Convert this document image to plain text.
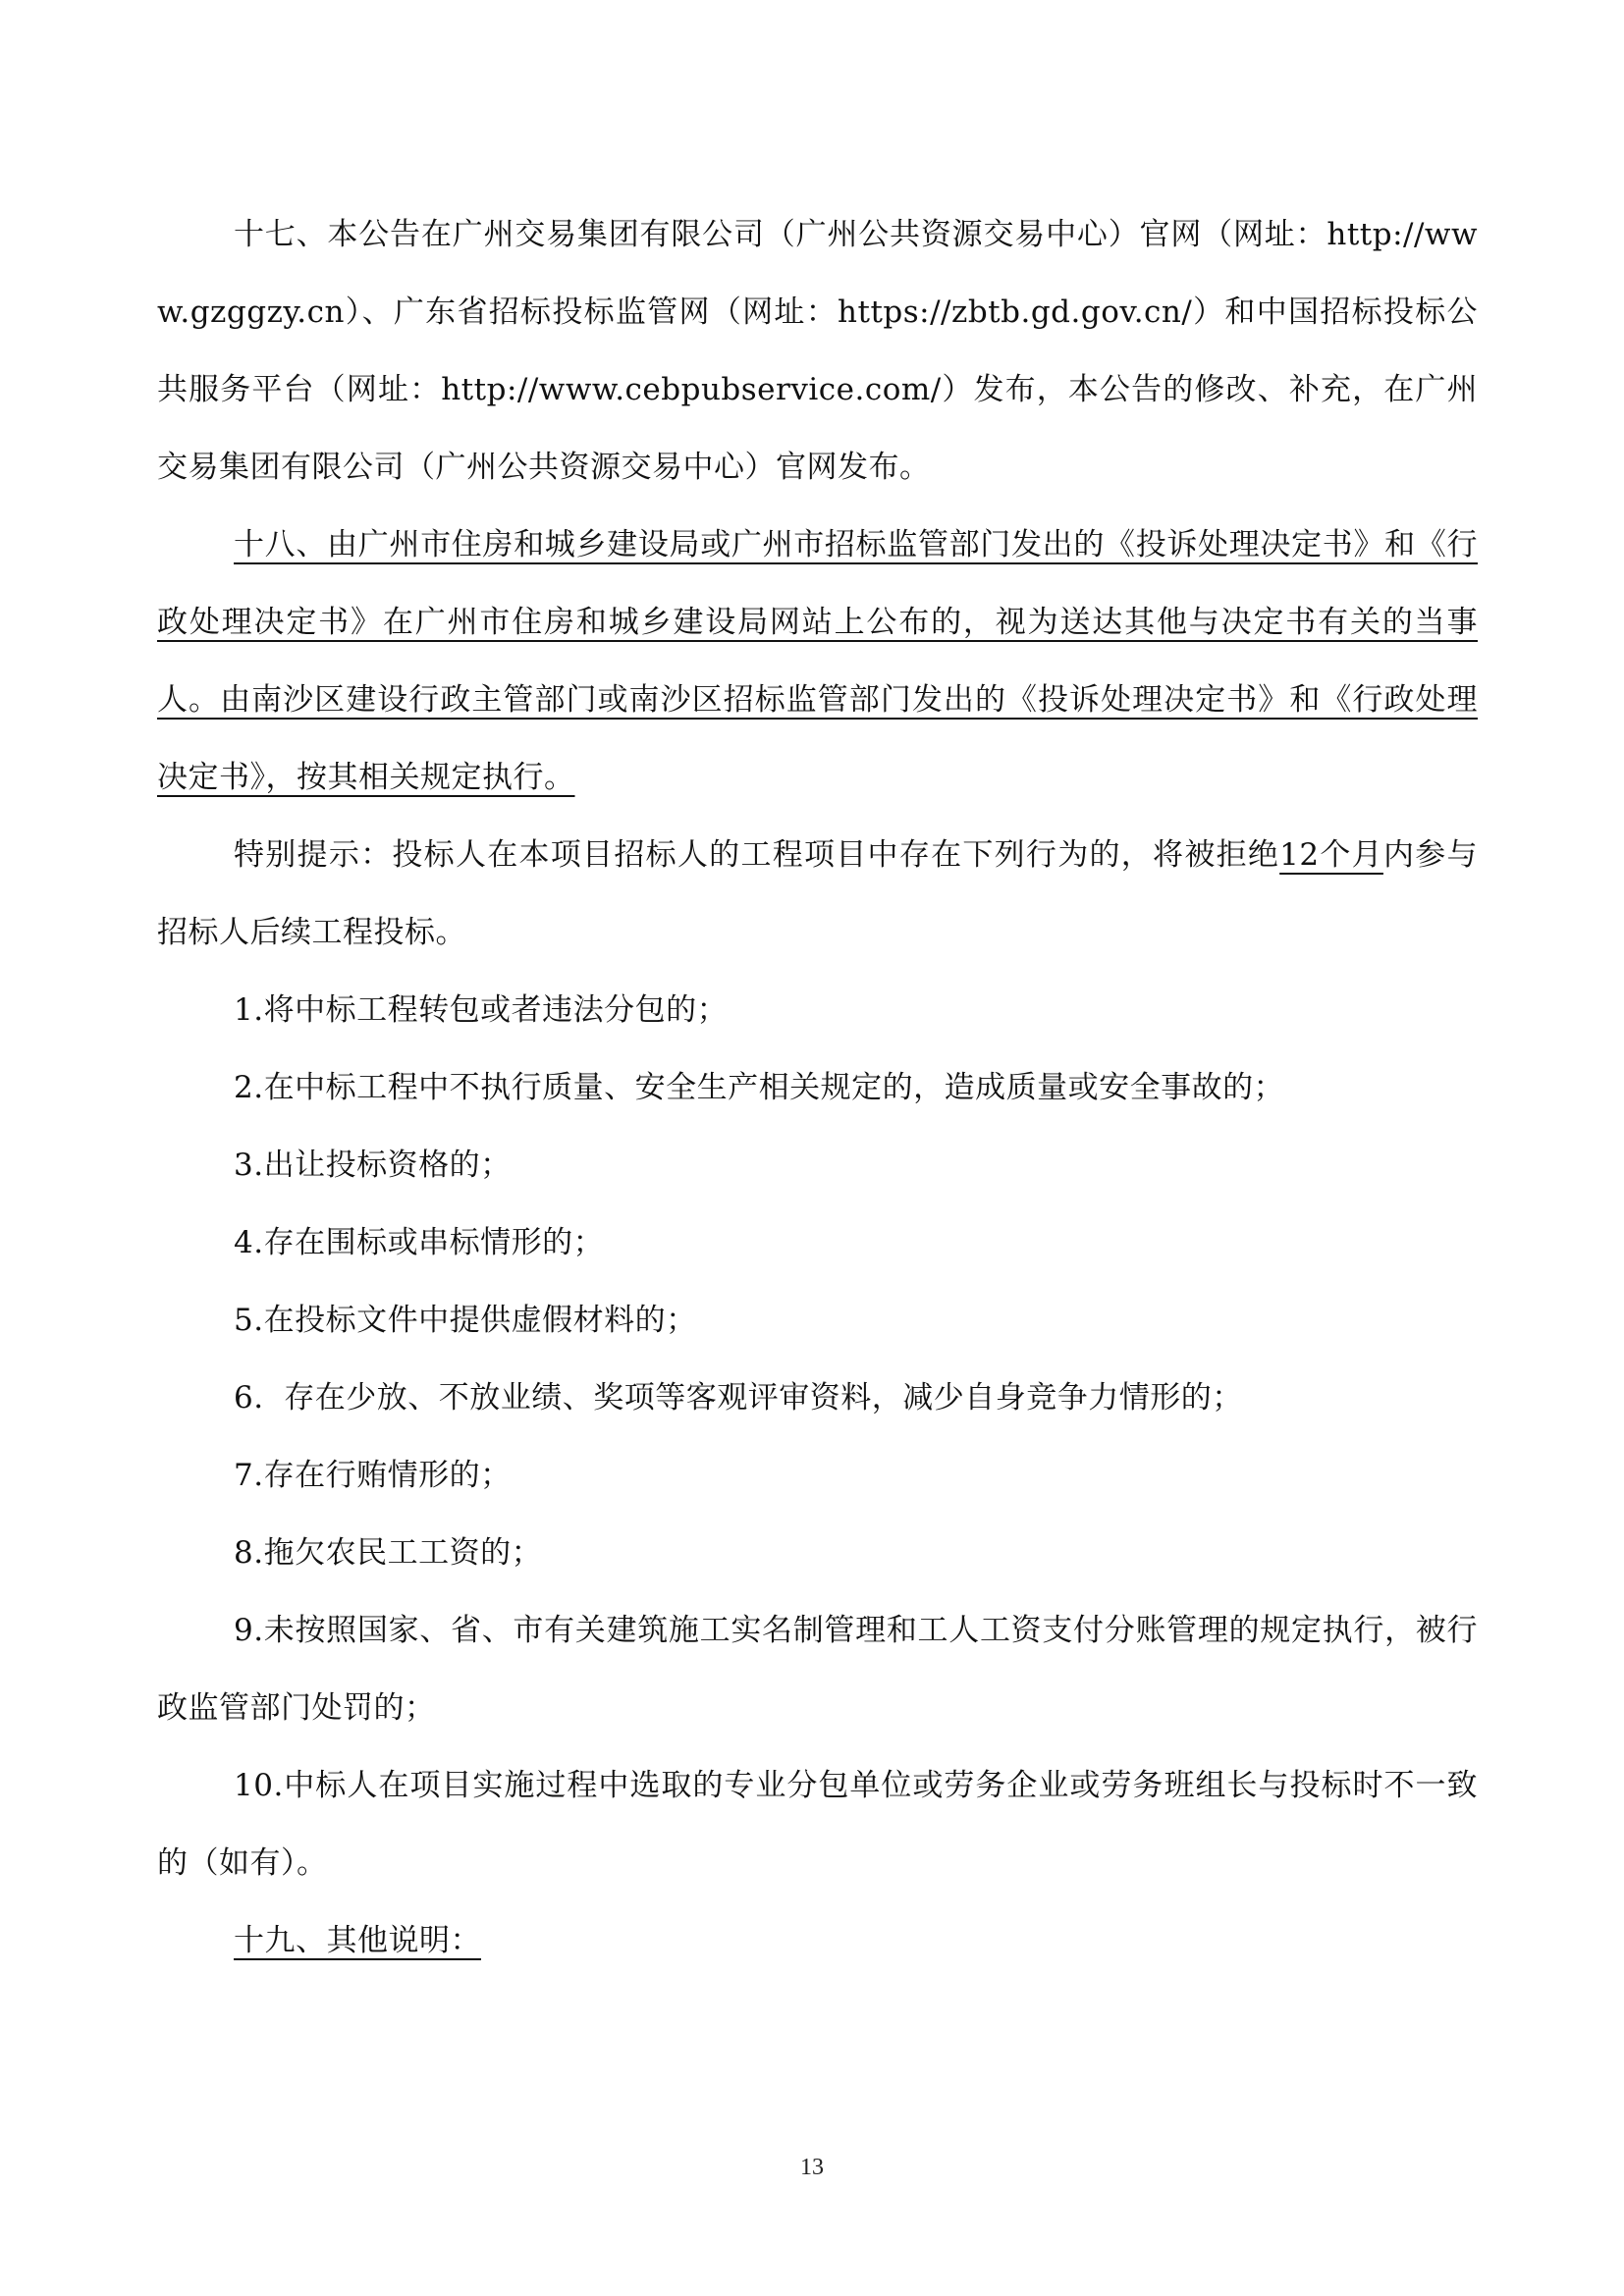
十七、本公告在广州交易集团有限公司（广州公共资源交易中心）官网（网址：http://www.gzggzy.cn）、广东省招标投标监管网（网址：https://zbtb.gd.gov.cn/）和中国招标投标公共服务平台（网址：http://www.cebpubservice.com/）发布，本公告的修改、补充，在广州交易集团有限公司（广州公共资源交易中心）官网发布。

十八、由广州市住房和城乡建设局或广州市招标监管部门发出的《投诉处理决定书》和《行政处理决定书》在广州市住房和城乡建设局网站上公布的，视为送达其他与决定书有关的当事人。由南沙区建设行政主管部门或南沙区招标监管部门发出的《投诉处理决定书》和《行政处理决定书》，按其相关规定执行。

特别提示：投标人在本项目招标人的工程项目中存在下列行为的，将被拒绝12个月内参与招标人后续工程投标。

1.将中标工程转包或者违法分包的；

2.在中标工程中不执行质量、安全生产相关规定的，造成质量或安全事故的；

3.出让投标资格的；

4.存在围标或串标情形的；

5.在投标文件中提供虚假材料的；

6.  存在少放、不放业绩、奖项等客观评审资料，减少自身竞争力情形的；

7.存在行贿情形的；

8.拖欠农民工工资的；

9.未按照国家、省、市有关建筑施工实名制管理和工人工资支付分账管理的规定执行，被行政监管部门处罚的；

10.中标人在项目实施过程中选取的专业分包单位或劳务企业或劳务班组长与投标时不一致的（如有）。

十九、其他说明：

13
